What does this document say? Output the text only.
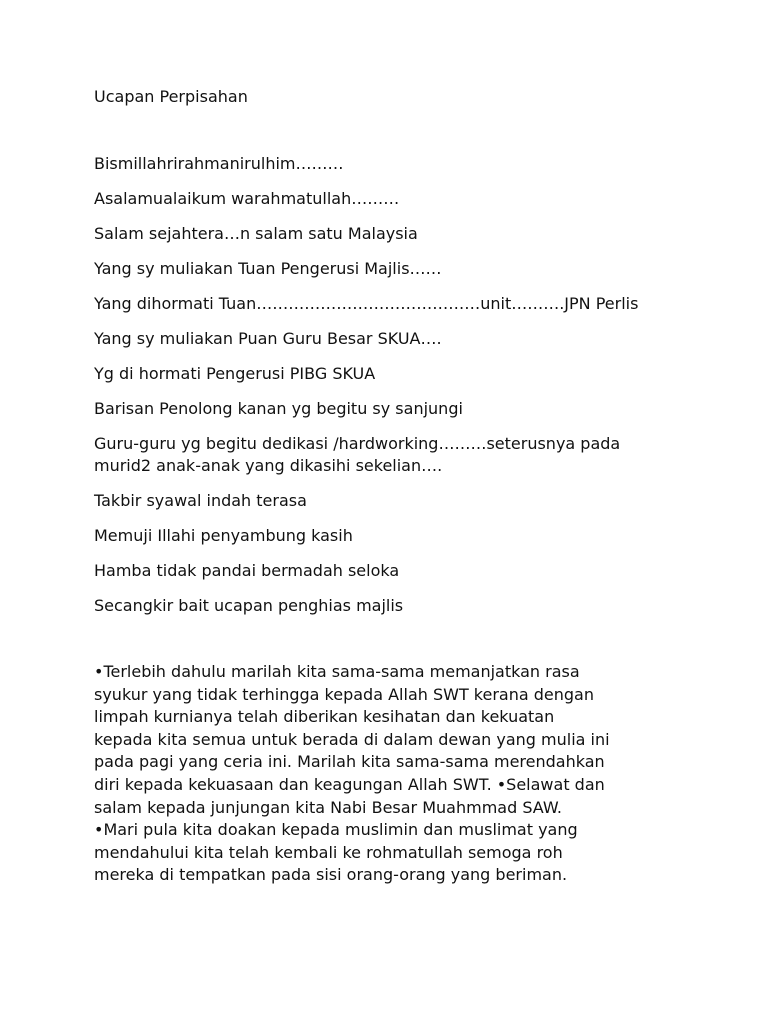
Ucapan Perpisahan
Bismillahrirahmanirulhim………
Asalamualaikum warahmatullah………
Salam sejahtera…n salam satu Malaysia
Yang sy muliakan Tuan Pengerusi Majlis……
Yang dihormati Tuan……………………………………unit……….JPN Perlis
Yang sy muliakan Puan Guru Besar SKUA….
Yg di hormati Pengerusi PIBG SKUA
Barisan Penolong kanan yg begitu sy sanjungi
Guru-guru yg begitu dedikasi /hardworking………seterusnya pada murid2 anak-anak yang dikasihi sekelian….
Takbir syawal indah terasa
Memuji Illahi penyambung kasih
Hamba tidak pandai bermadah seloka
Secangkir bait ucapan penghias majlis
•Terlebih dahulu marilah kita sama-sama memanjatkan rasa
syukur yang tidak terhingga kepada Allah SWT kerana dengan
limpah kurnianya telah diberikan kesihatan dan kekuatan
kepada kita semua untuk berada di dalam dewan yang mulia ini
pada pagi yang ceria ini. Marilah kita sama-sama merendahkan
diri kepada kekuasaan dan keagungan Allah SWT. •Selawat dan
salam kepada junjungan kita Nabi Besar Muahmmad SAW.
•Mari pula kita doakan kepada muslimin dan muslimat yang
mendahului kita telah kembali ke rohmatullah semoga roh
mereka di tempatkan pada sisi orang-orang yang beriman.
